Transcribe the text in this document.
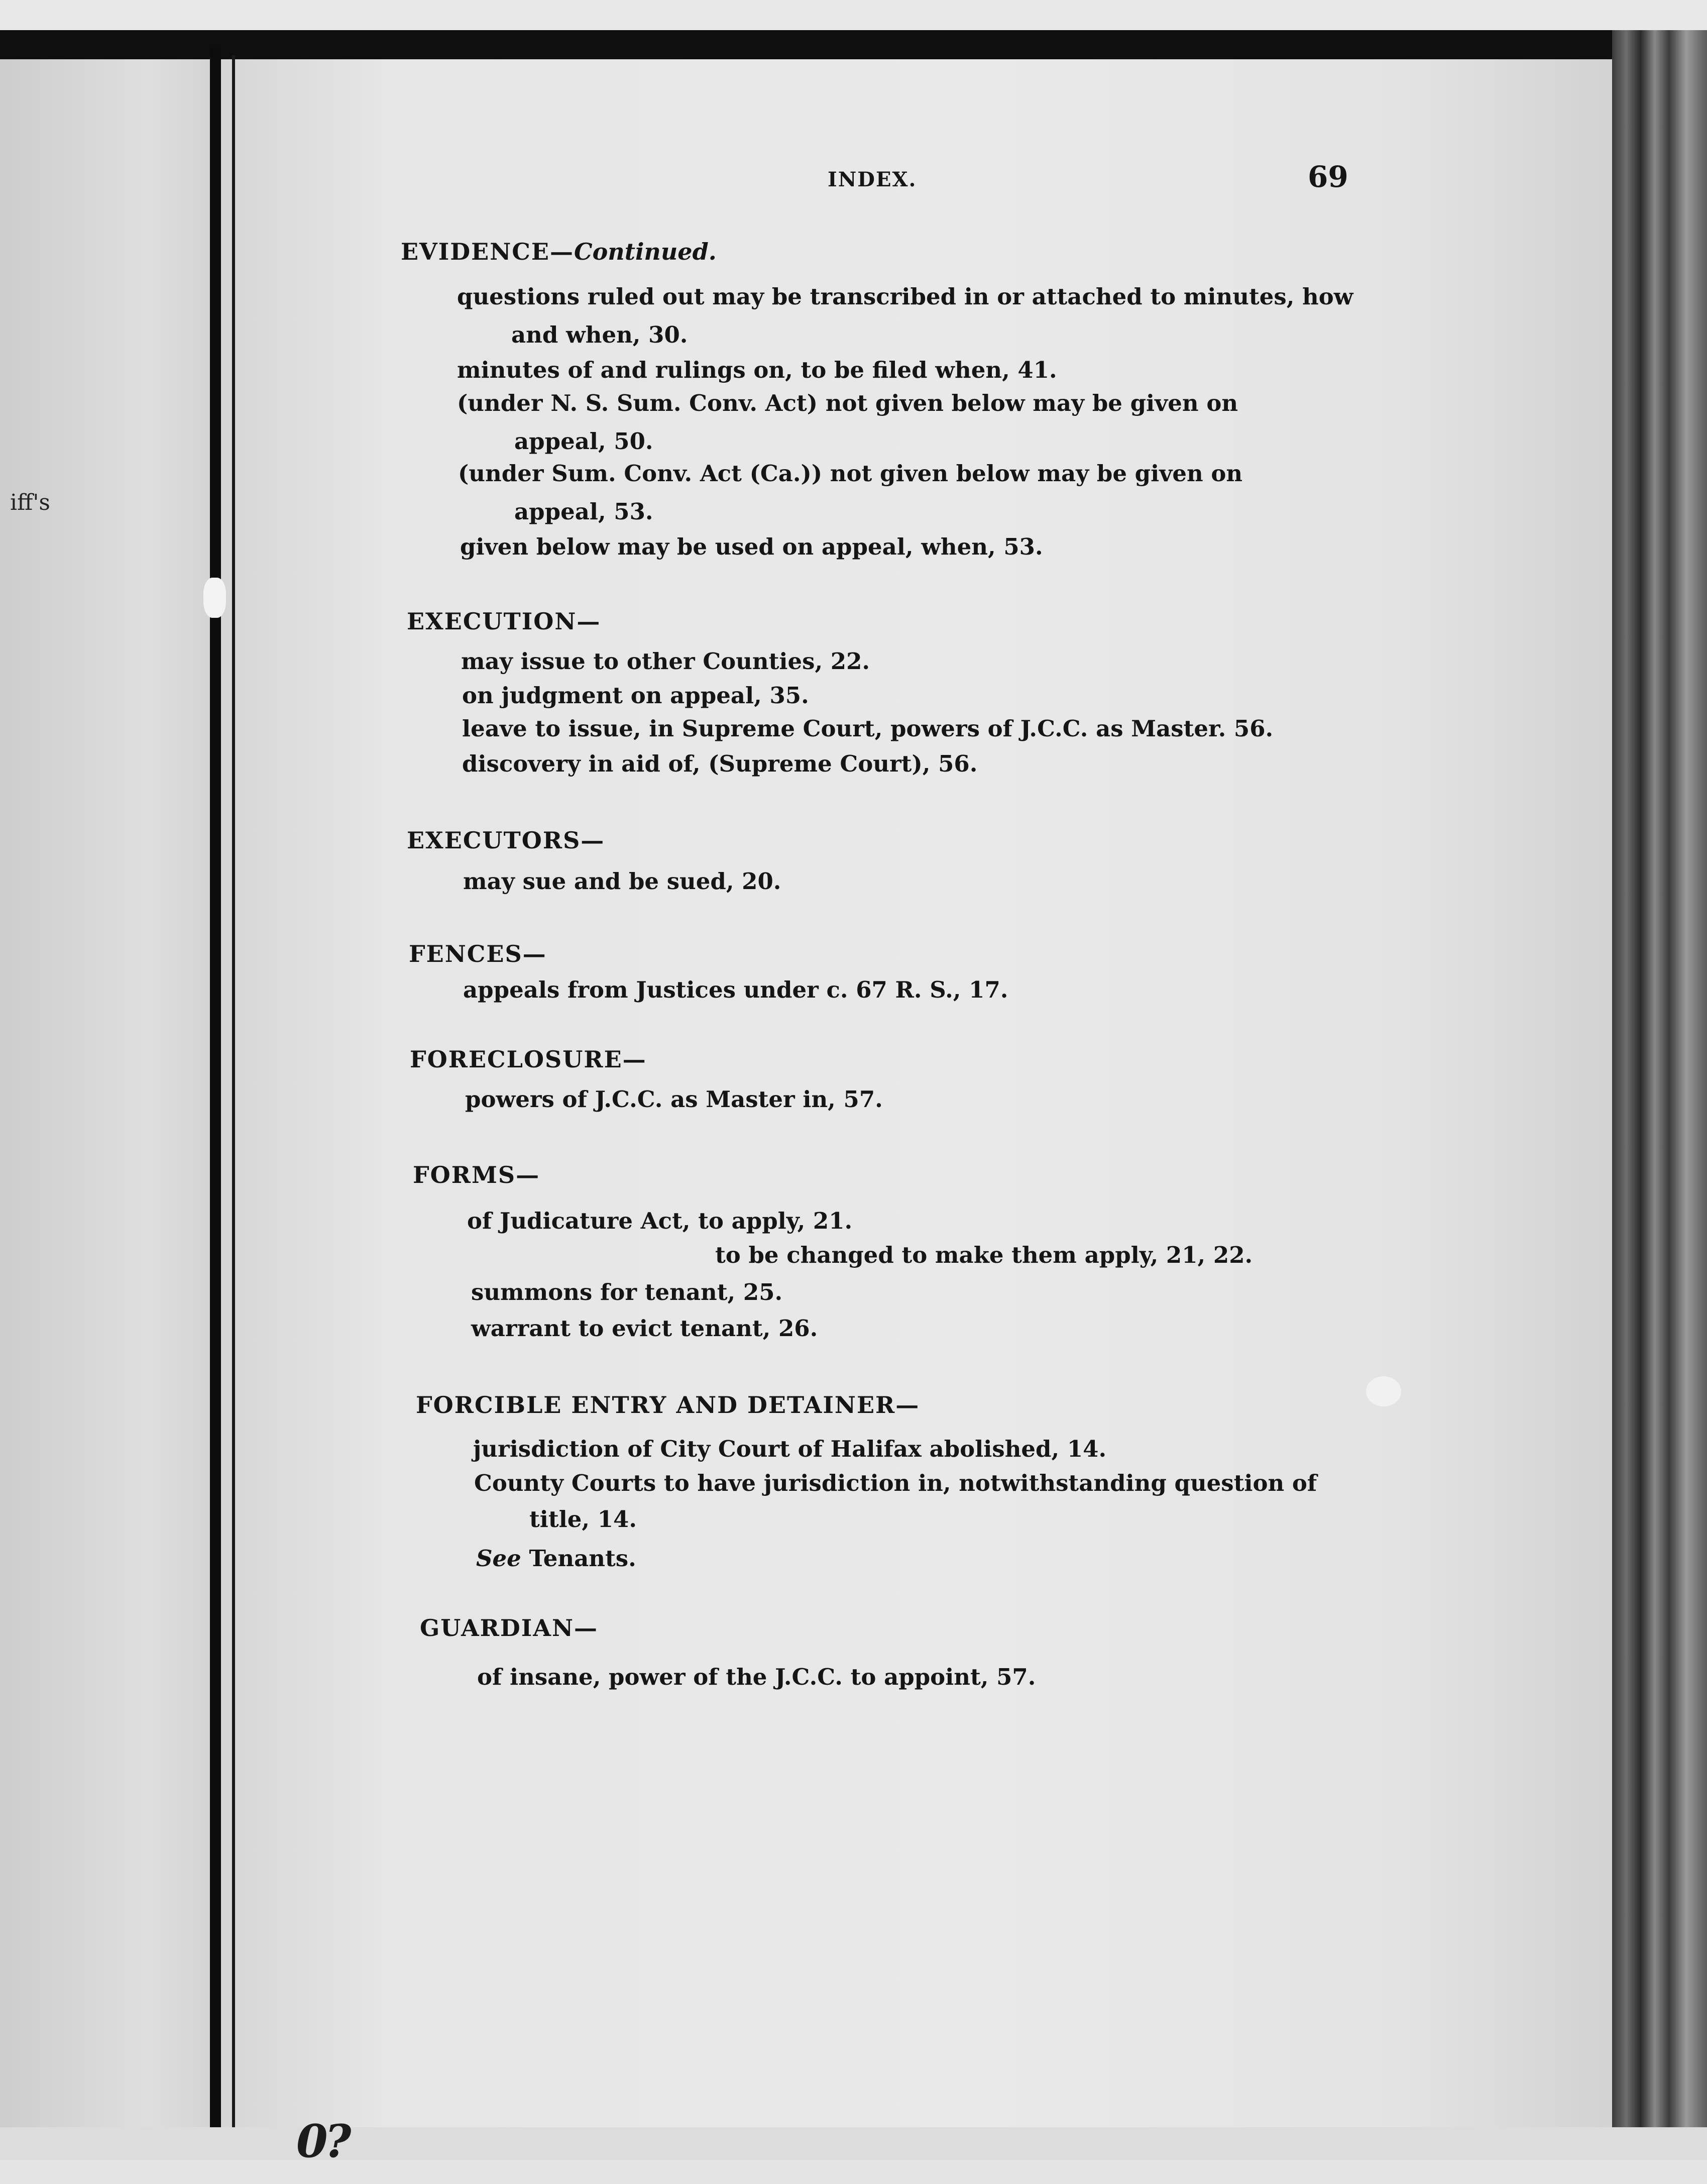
iff's
0?
INDEX.	69
EVIDENCE—Continued.
questions ruled out may be transcribed in or attached to minutes, how
and when, 30.
minutes of and rulings on, to be filed when, 41.
(under N. S. Sum. Conv. Act) not given below may be given on
appeal, 50.
(under Sum. Conv. Act (Ca.)) not given below may be given on
appeal, 53.
given below may be used on appeal, when, 53.
EXECUTION—
may issue to other Counties, 22.
on judgment on appeal, 35.
leave to issue, in Supreme Court, powers of J.C.C. as Master. 56.
discovery in aid of, (Supreme Court), 56.
EXECUTORS—
may sue and be sued, 20.
FENCES—
appeals from Justices under c. 67 R. S., 17.
FORECLOSURE—
powers of J.C.C. as Master in, 57.
FORMS—
of Judicature Act, to apply, 21.
to be changed to make them apply, 21, 22.
summons for tenant, 25.
warrant to evict tenant, 26.
FORCIBLE ENTRY AND DETAINER—
jurisdiction of City Court of Halifax abolished, 14.
County Courts to have jurisdiction in, notwithstanding question of
title, 14.
See Tenants.
GUARDIAN—
of insane, power of the J.C.C. to appoint, 57.
